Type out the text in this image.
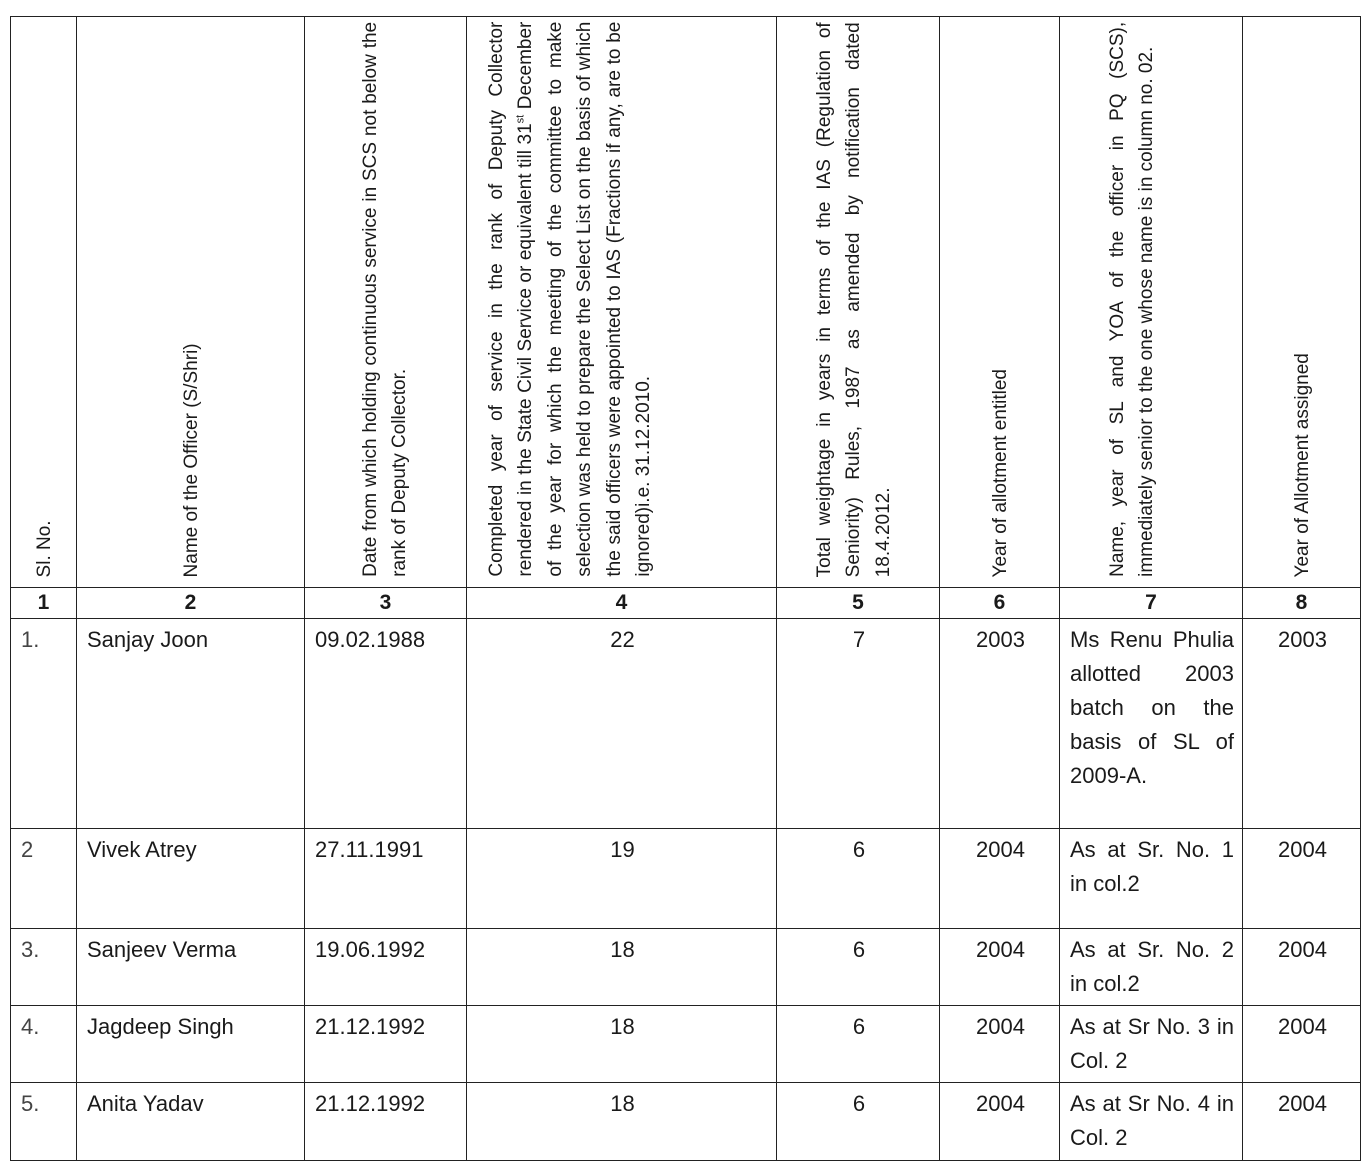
Sl. No.	Name of the Officer (S/Shri)	Date from which holding continuous service in SCS not below the rank of Deputy Collector.	Completed year of service in the rank of Deputy Collector rendered in the State Civil Service or equivalent till 31st December of the year for which the meeting of the committee to make selection was held to prepare the Select List on the basis of which the said officers were appointed to IAS (Fractions if any, are to be ignored)i.e. 31.12.2010.	Total weightage in years in terms of the IAS (Regulation of Seniority) Rules, 1987 as amended by notification dated 18.4.2012.	Year of allotment entitled	Name, year of SL and YOA of the officer in PQ (SCS), immediately senior to the one whose name is in column no. 02.	Year of Allotment assigned

1	2	3	4	5	6	7	8
1.	Sanjay Joon	09.02.1988	22	7	2003	Ms Renu Phulia allotted 2003 batch on the basis of SL of 2009-A.	2003
2	Vivek Atrey	27.11.1991	19	6	2004	As at Sr. No. 1 in col.2	2004
3.	Sanjeev Verma	19.06.1992	18	6	2004	As at Sr. No. 2 in col.2	2004
4.	Jagdeep Singh	21.12.1992	18	6	2004	As at Sr No. 3 in Col. 2	2004
5.	Anita Yadav	21.12.1992	18	6	2004	As at Sr No. 4 in Col. 2	2004
